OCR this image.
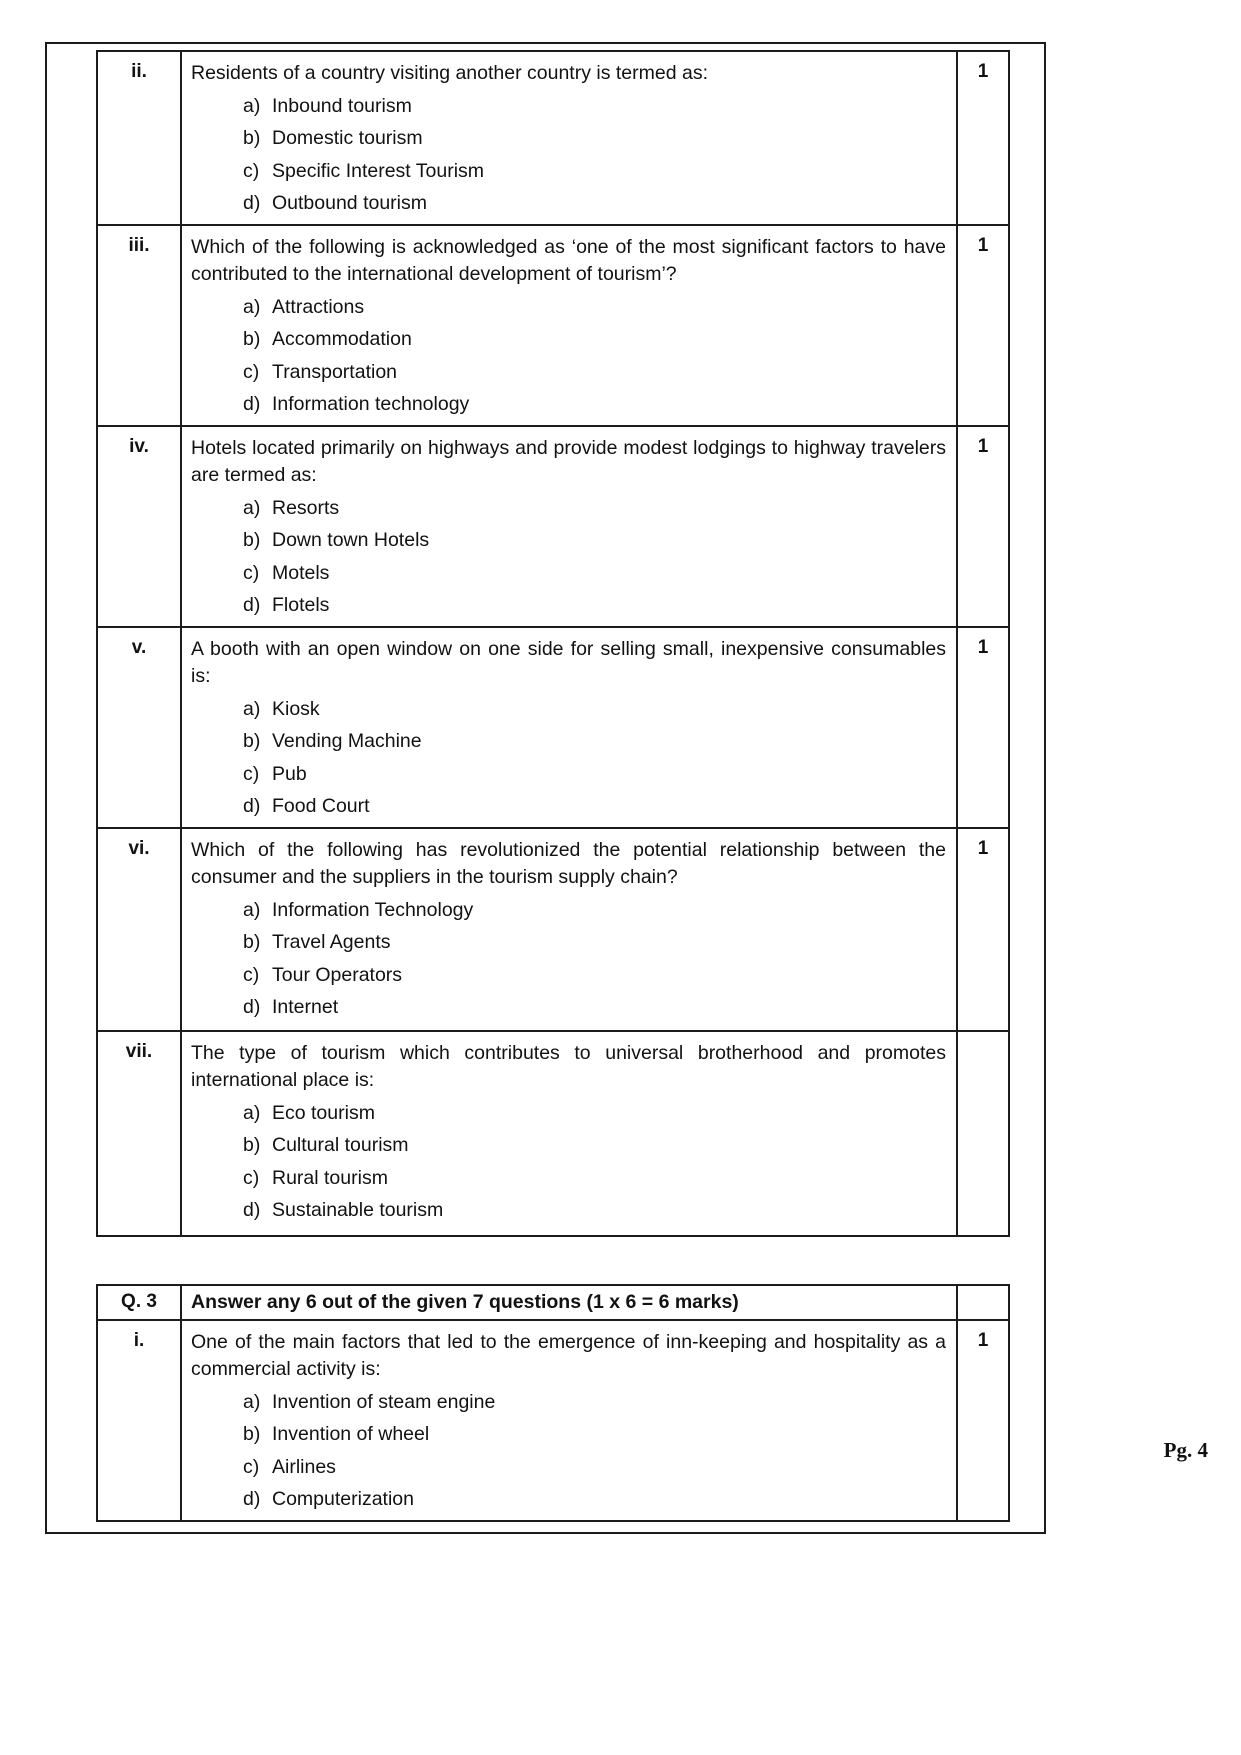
ii.	Residents of a country visiting another country is termed as:
a) Inbound tourism
b) Domestic tourism
c) Specific Interest Tourism
d) Outbound tourism
	1
iii.	Which of the following is acknowledged as ‘one of the most significant factors to have contributed to the international development of tourism’?
a) Attractions
b) Accommodation
c) Transportation
d) Information technology
	1
iv.	Hotels located primarily on highways and provide modest lodgings to highway travelers are termed as:
a) Resorts
b) Down town Hotels
c) Motels
d) Flotels
	1
v.	A booth with an open window on one side for selling small, inexpensive consumables is:
a) Kiosk
b) Vending Machine
c) Pub
d) Food Court
	1
vi.	Which of the following has revolutionized the potential relationship between the consumer and the suppliers in the tourism supply chain?
a) Information Technology
b) Travel Agents
c) Tour Operators
d) Internet
	1
vii.	The type of tourism which contributes to universal brotherhood and promotes international place is:
a) Eco tourism
b) Cultural tourism
c) Rural tourism
d) Sustainable tourism

Q. 3	Answer any 6 out of the given 7 questions (1 x 6 = 6 marks)	
i.	One of the main factors that led to the emergence of inn-keeping and hospitality as a commercial activity is:
a) Invention of steam engine
b) Invention of wheel
c) Airlines
d) Computerization
	1
Pg. 4
